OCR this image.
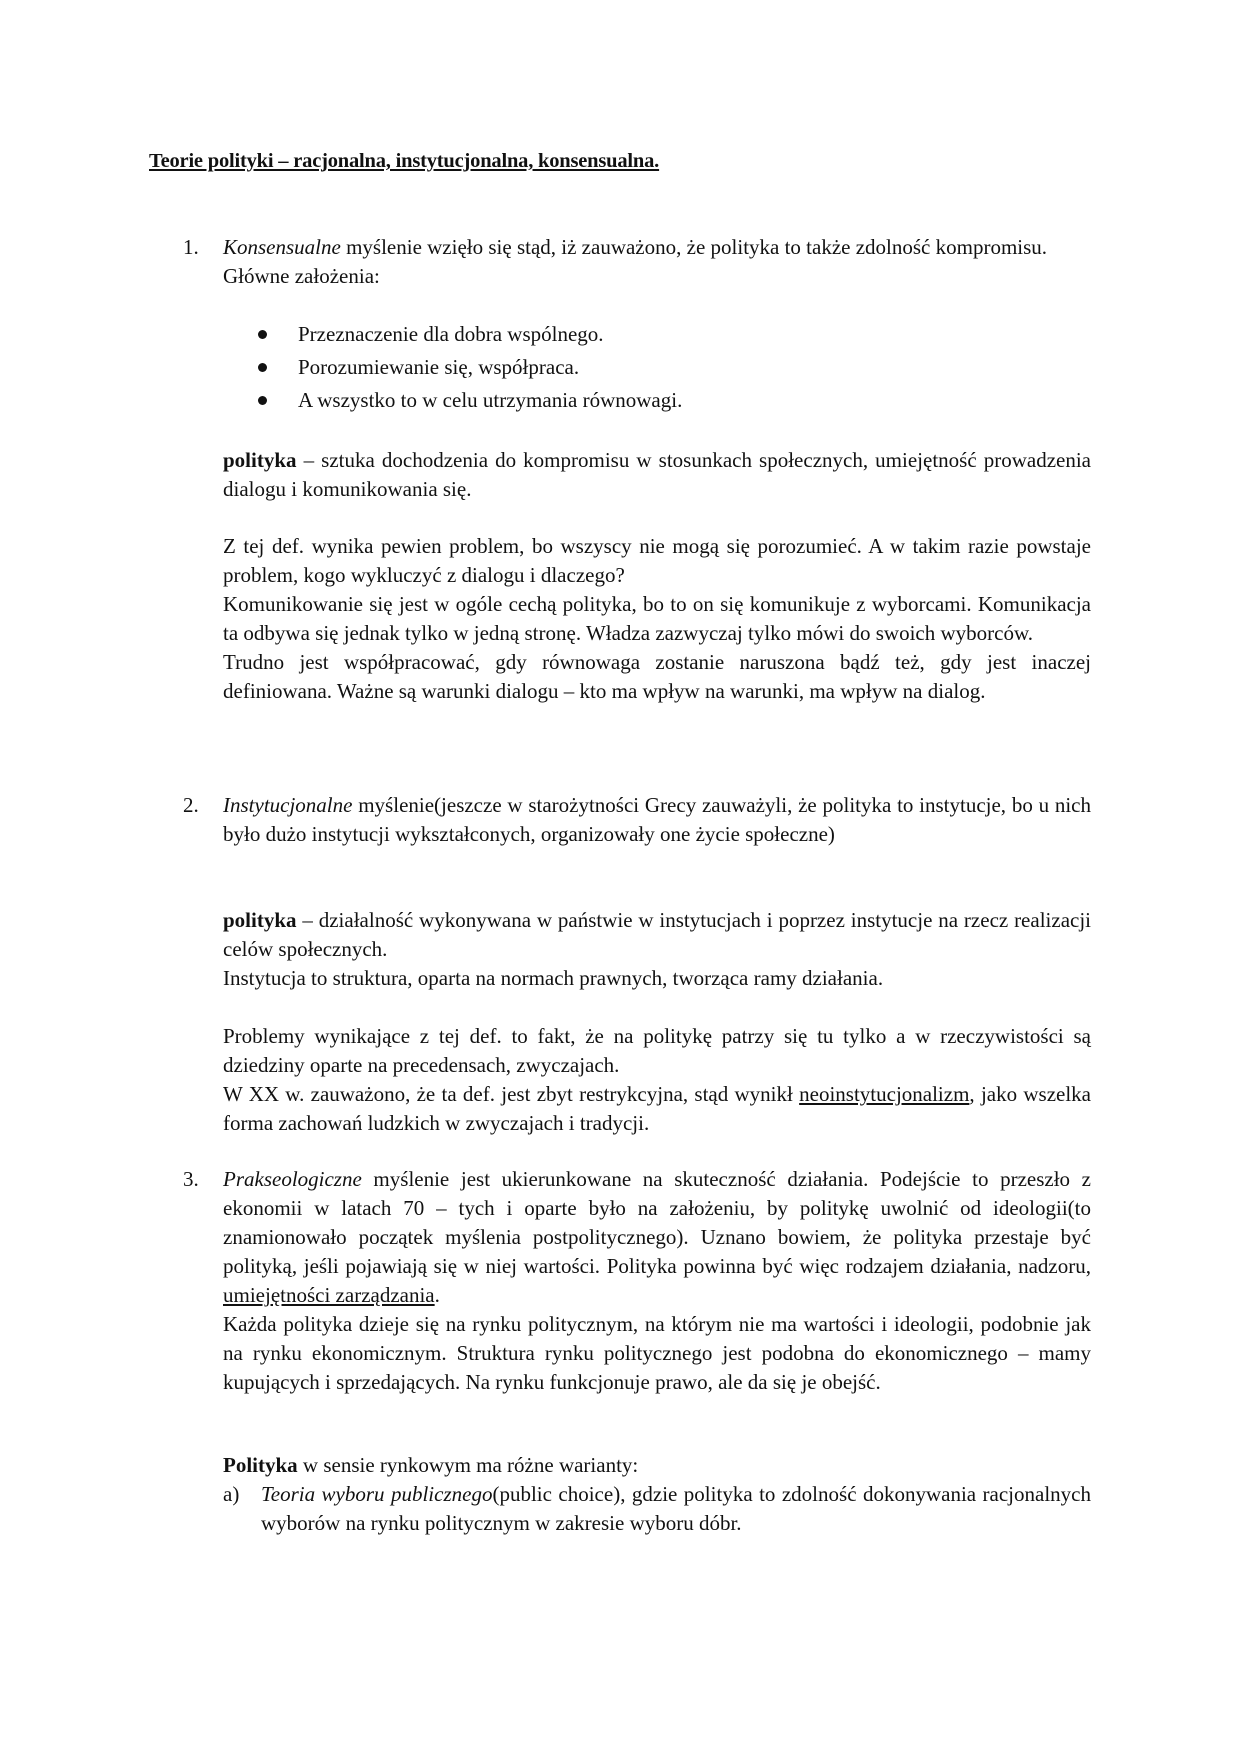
Teorie polityki – racjonalna, instytucjonalna, konsensualna.
1. Konsensualne myślenie wzięło się stąd, iż zauważono, że polityka to także zdolność kompromisu.

Główne założenia:

Przeznaczenie dla dobra wspólnego.
Porozumiewanie się, współpraca.
A wszystko to w celu utrzymania równowagi.

polityka – sztuka dochodzenia do kompromisu w stosunkach społecznych, umiejętność prowadzenia dialogu i komunikowania się.

Z tej def. wynika pewien problem, bo wszyscy nie mogą się porozumieć. A w takim razie powstaje problem, kogo wykluczyć z dialogu i dlaczego?

Komunikowanie się jest w ogóle cechą polityka, bo to on się komunikuje z wyborcami. Komunikacja ta odbywa się jednak tylko w jedną stronę. Władza zazwyczaj tylko mówi do swoich wyborców.

Trudno jest współpracować, gdy równowaga zostanie naruszona bądź też, gdy jest inaczej definiowana. Ważne są warunki dialogu – kto ma wpływ na warunki, ma wpływ na dialog.

2. Instytucjonalne myślenie(jeszcze w starożytności Grecy zauważyli, że polityka to instytucje, bo u nich było dużo instytucji wykształconych, organizowały one życie społeczne)

polityka – działalność wykonywana w państwie w instytucjach i poprzez instytucje na rzecz realizacji celów społecznych.

Instytucja to struktura, oparta na normach prawnych, tworząca ramy działania.

Problemy wynikające z tej def. to fakt, że na politykę patrzy się tu tylko a w rzeczywistości są dziedziny oparte na precedensach, zwyczajach.

W XX w. zauważono, że ta def. jest zbyt restrykcyjna, stąd wynikł neoinstytucjonalizm, jako wszelka forma zachowań ludzkich w zwyczajach i tradycji.

3. Prakseologiczne myślenie jest ukierunkowane na skuteczność działania. Podejście to przeszło z ekonomii w latach 70 – tych i oparte było na założeniu, by politykę uwolnić od ideologii(to znamionowało początek myślenia postpolitycznego). Uznano bowiem, że polityka przestaje być polityką, jeśli pojawiają się w niej wartości. Polityka powinna być więc rodzajem działania, nadzoru, umiejętności zarządzania.

Każda polityka dzieje się na rynku politycznym, na którym nie ma wartości i ideologii, podobnie jak na rynku ekonomicznym. Struktura rynku politycznego jest podobna do ekonomicznego – mamy kupujących i sprzedających. Na rynku funkcjonuje prawo, ale da się je obejść.

Polityka w sensie rynkowym ma różne warianty:

a) Teoria wyboru publicznego(public choice), gdzie polityka to zdolność dokonywania racjonalnych wyborów na rynku politycznym w zakresie wyboru dóbr.
